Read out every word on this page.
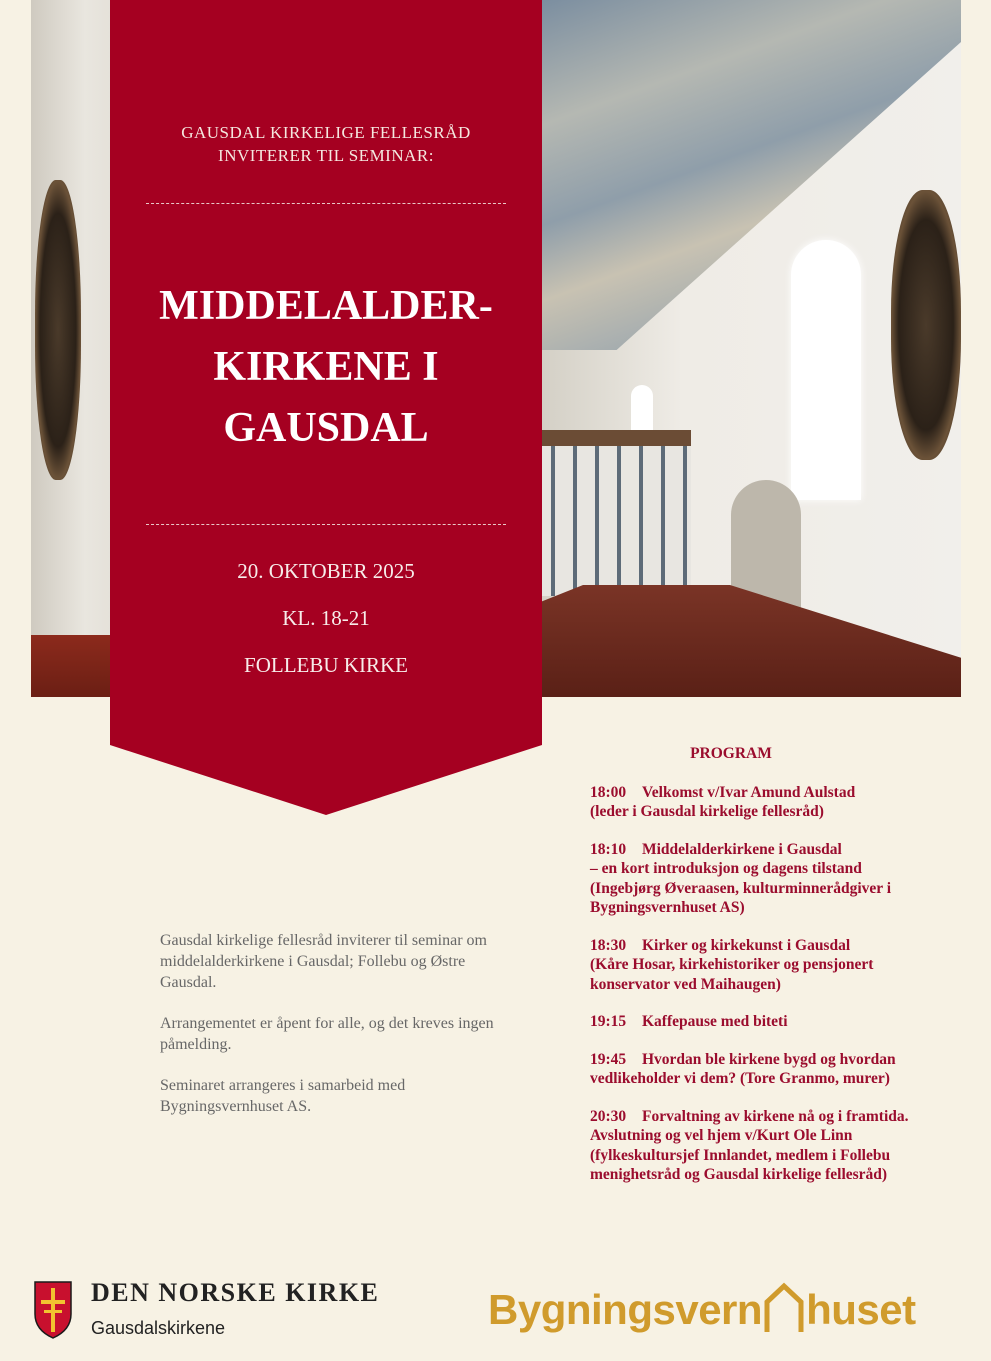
GAUSDAL KIRKELIGE FELLESRÅD
INVITERER TIL SEMINAR:
MIDDELALDER-
KIRKENE I
GAUSDAL
20. OKTOBER 2025
KL. 18-21
FOLLEBU KIRKE

Gausdal kirkelige fellesråd inviterer til seminar om middelalderkirkene i Gausdal; Follebu og Østre Gausdal.

Arrangementet er åpent for alle, og det kreves ingen påmelding.

Seminaret arrangeres i samarbeid med Bygningsvernhuset AS.

PROGRAM
18:00 Velkomst v/Ivar Amund Aulstad
(leder i Gausdal kirkelige fellesråd)
18:10 Middelalderkirkene i Gausdal
– en kort introduksjon og dagens tilstand
(Ingebjørg Øveraasen, kulturminnerådgiver i
Bygningsvernhuset AS)
18:30 Kirker og kirkekunst i Gausdal
(Kåre Hosar, kirkehistoriker og pensjonert
konservator ved Maihaugen)
19:15 Kaffepause med biteti
19:45 Hvordan ble kirkene bygd og hvordan
vedlikeholder vi dem? (Tore Granmo, murer)
20:30 Forvaltning av kirkene nå og i framtida.
Avslutning og vel hjem v/Kurt Ole Linn
(fylkeskultursjef Innlandet, medlem i Follebu
menighetsråd og Gausdal kirkelige fellesråd)
DEN NORSKE KIRKE
Gausdalskirkene	Bygningsvern huset
